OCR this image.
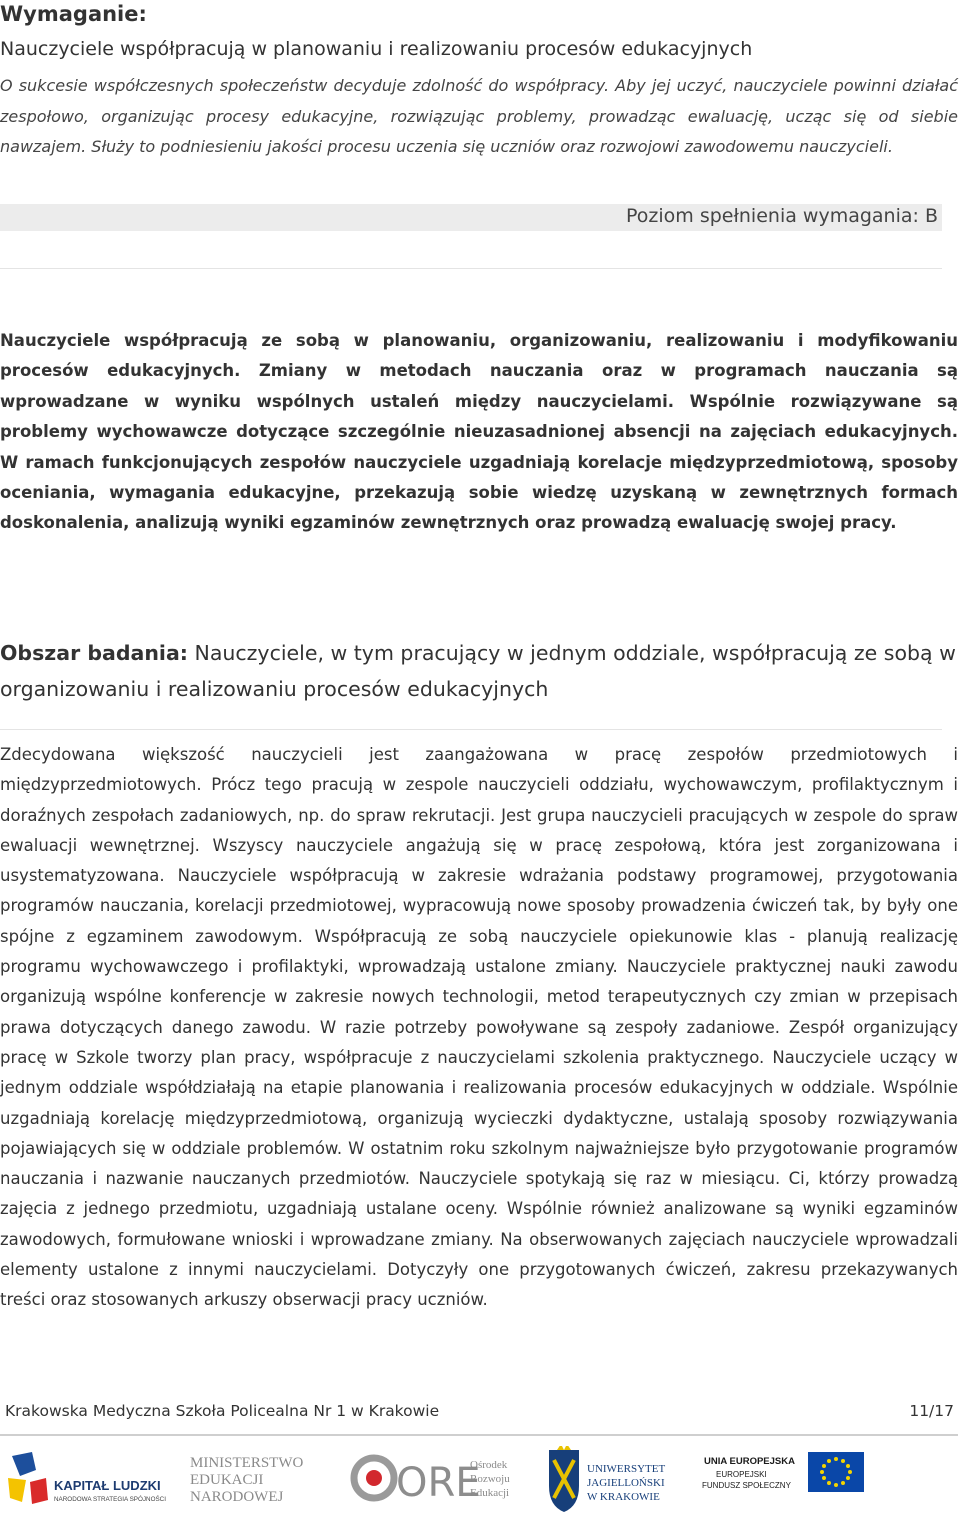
Wymaganie:
Nauczyciele współpracują w planowaniu i realizowaniu procesów edukacyjnych

O sukcesie współczesnych społeczeństw decyduje zdolność do współpracy. Aby jej uczyć, nauczyciele powinni działać zespołowo, organizując procesy edukacyjne, rozwiązując problemy, prowadząc ewaluację, ucząc się od siebie nawzajem. Służy to podniesieniu jakości procesu uczenia się uczniów oraz rozwojowi zawodowemu nauczycieli.

Poziom spełnienia wymagania: B

Nauczyciele współpracują ze sobą w planowaniu, organizowaniu, realizowaniu i modyfikowaniu procesów edukacyjnych. Zmiany w metodach nauczania oraz w programach nauczania są wprowadzane w wyniku wspólnych ustaleń między nauczycielami. Wspólnie rozwiązywane są problemy wychowawcze dotyczące szczególnie nieuzasadnionej absencji na zajęciach edukacyjnych. W ramach funkcjonujących zespołów nauczyciele uzgadniają korelacje międzyprzedmiotową, sposoby oceniania, wymagania edukacyjne, przekazują sobie wiedzę uzyskaną w zewnętrznych formach doskonalenia, analizują wyniki egzaminów zewnętrznych oraz prowadzą ewaluację swojej pracy.

Obszar badania: Nauczyciele, w tym pracujący w jednym oddziale, współpracują ze sobą w organizowaniu i realizowaniu procesów edukacyjnych

Zdecydowana większość nauczycieli jest zaangażowana w pracę zespołów przedmiotowych i międzyprzedmiotowych. Prócz tego pracują w zespole nauczycieli oddziału, wychowawczym, profilaktycznym i doraźnych zespołach zadaniowych, np. do spraw rekrutacji. Jest grupa nauczycieli pracujących w zespole do spraw ewaluacji wewnętrznej. Wszyscy nauczyciele angażują się w pracę zespołową, która jest zorganizowana i usystematyzowana. Nauczyciele współpracują w zakresie wdrażania podstawy programowej, przygotowania programów nauczania, korelacji przedmiotowej, wypracowują nowe sposoby prowadzenia ćwiczeń tak, by były one spójne z egzaminem zawodowym. Współpracują ze sobą nauczyciele opiekunowie klas - planują realizację programu wychowawczego i profilaktyki, wprowadzają ustalone zmiany. Nauczyciele praktycznej nauki zawodu organizują wspólne konferencje w zakresie nowych technologii, metod terapeutycznych czy zmian w przepisach prawa dotyczących danego zawodu. W razie potrzeby powoływane są zespoły zadaniowe. Zespół organizujący pracę w Szkole tworzy plan pracy, współpracuje z nauczycielami szkolenia praktycznego. Nauczyciele uczący w jednym oddziale współdziałają na etapie planowania i realizowania procesów edukacyjnych w oddziale. Wspólnie uzgadniają korelację międzyprzedmiotową, organizują wycieczki dydaktyczne, ustalają sposoby rozwiązywania pojawiających się w oddziale problemów. W ostatnim roku szkolnym najważniejsze było przygotowanie programów nauczania i nazwanie nauczanych przedmiotów. Nauczyciele spotykają się raz w miesiącu. Ci, którzy prowadzą zajęcia z jednego przedmiotu, uzgadniają ustalane oceny. Wspólnie również analizowane są wyniki egzaminów zawodowych, formułowane wnioski i wprowadzane zmiany. Na obserwowanych zajęciach nauczyciele wprowadzali elementy ustalone z innymi nauczycielami. Dotyczyły one przygotowanych ćwiczeń, zakresu przekazywanych treści oraz stosowanych arkuszy obserwacji pracy uczniów.

Krakowska Medyczna Szkoła Policealna Nr 1 w Krakowie	11/17
KAPITAŁ LUDZKI
NARODOWA STRATEGIA SPÓJNOŚCI
MINISTERSTWO
EDUKACJI
NARODOWEJ	ORE
Ośrodek
Rozwoju
Edukacji
UNIWERSYTET
JAGIELLOŃSKI
W KRAKOWIE
UNIA EUROPEJSKA
EUROPEJSKI
FUNDUSZ SPOŁECZNY
